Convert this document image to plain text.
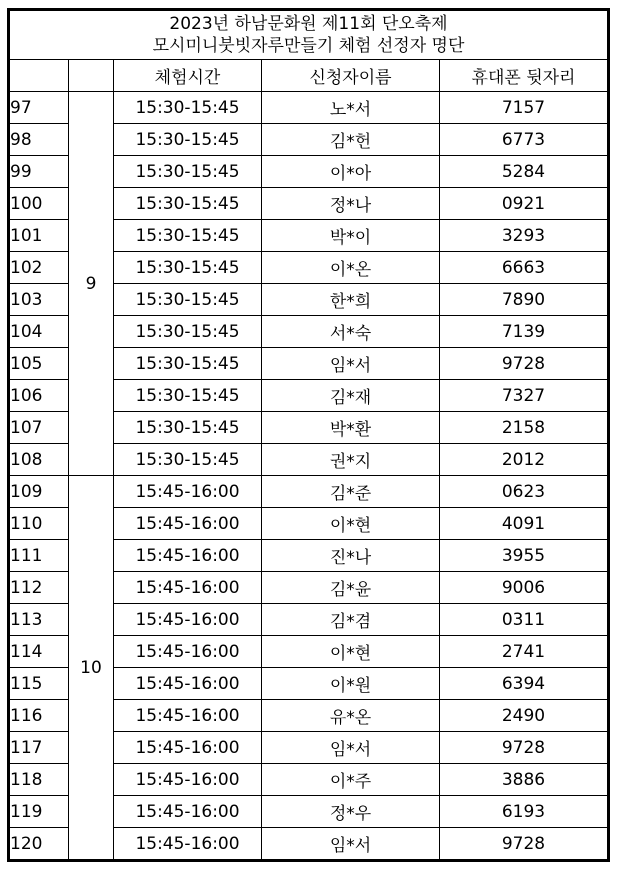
2023년 하남문화원 제11회 단오축제
모시미니붓빗자루만들기 체험 선정자 명단				

		체험시간	신청자이름	휴대폰 뒷자리
97	9	15:30-15:45	노*서	7157
98		15:30-15:45	김*헌	6773
99		15:30-15:45	이*아	5284
100		15:30-15:45	정*나	0921
101		15:30-15:45	박*이	3293
102		15:30-15:45	이*온	6663
103		15:30-15:45	한*희	7890
104		15:30-15:45	서*숙	7139
105		15:30-15:45	임*서	9728
106		15:30-15:45	김*재	7327
107		15:30-15:45	박*환	2158
108		15:30-15:45	권*지	2012
109	10	15:45-16:00	김*준	0623
110		15:45-16:00	이*현	4091
111		15:45-16:00	진*나	3955
112		15:45-16:00	김*윤	9006
113		15:45-16:00	김*겸	0311
114		15:45-16:00	이*현	2741
115		15:45-16:00	이*원	6394
116		15:45-16:00	유*온	2490
117		15:45-16:00	임*서	9728
118		15:45-16:00	이*주	3886
119		15:45-16:00	정*우	6193
120		15:45-16:00	임*서	9728
